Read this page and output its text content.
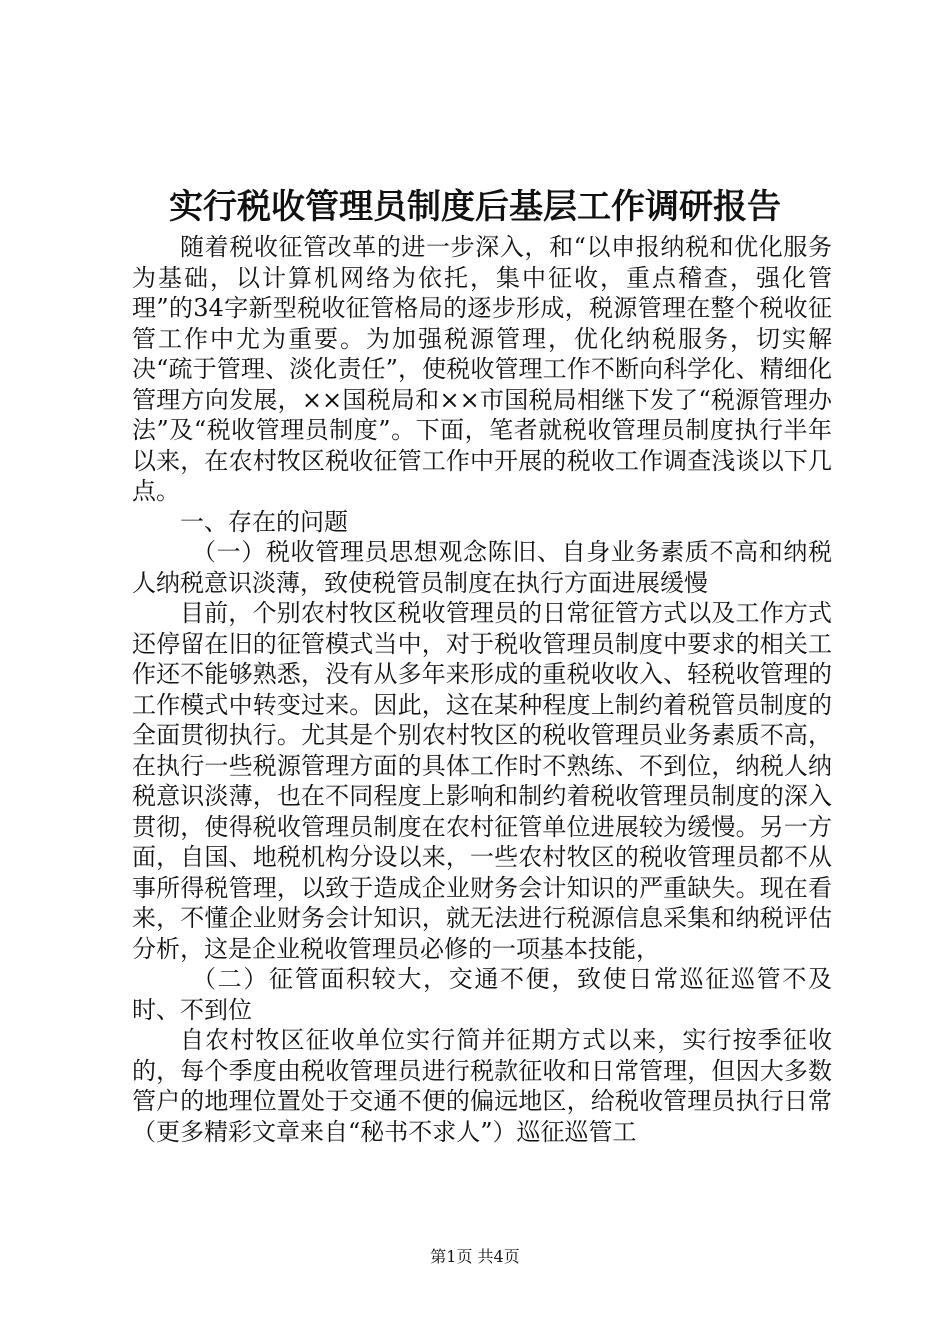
实行税收管理员制度后基层工作调研报告

随着税收征管改革的进一步深入，和“以申报纳税和优化服务为基础，以计算机网络为依托，集中征收，重点稽查，强化管理”的34字新型税收征管格局的逐步形成，税源管理在整个税收征管工作中尤为重要。为加强税源管理，优化纳税服务，切实解决“疏于管理、淡化责任”，使税收管理工作不断向科学化、精细化管理方向发展，××国税局和××市国税局相继下发了“税源管理办法”及“税收管理员制度”。下面，笔者就税收管理员制度执行半年以来，在农村牧区税收征管工作中开展的税收工作调查浅谈以下几点。

一、存在的问题

（一）税收管理员思想观念陈旧、自身业务素质不高和纳税人纳税意识淡薄，致使税管员制度在执行方面进展缓慢

目前，个别农村牧区税收管理员的日常征管方式以及工作方式还停留在旧的征管模式当中，对于税收管理员制度中要求的相关工作还不能够熟悉，没有从多年来形成的重税收收入、轻税收管理的工作模式中转变过来。因此，这在某种程度上制约着税管员制度的全面贯彻执行。尤其是个别农村牧区的税收管理员业务素质不高，在执行一些税源管理方面的具体工作时不熟练、不到位，纳税人纳税意识淡薄，也在不同程度上影响和制约着税收管理员制度的深入贯彻，使得税收管理员制度在农村征管单位进展较为缓慢。另一方面，自国、地税机构分设以来，一些农村牧区的税收管理员都不从事所得税管理，以致于造成企业财务会计知识的严重缺失。现在看来，不懂企业财务会计知识，就无法进行税源信息采集和纳税评估分析，这是企业税收管理员必修的一项基本技能，

（二）征管面积较大，交通不便，致使日常巡征巡管不及时、不到位

自农村牧区征收单位实行简并征期方式以来，实行按季征收的，每个季度由税收管理员进行税款征收和日常管理，但因大多数管户的地理位置处于交通不便的偏远地区，给税收管理员执行日常（更多精彩文章来自“秘书不求人”）巡征巡管工

第1页 共4页
